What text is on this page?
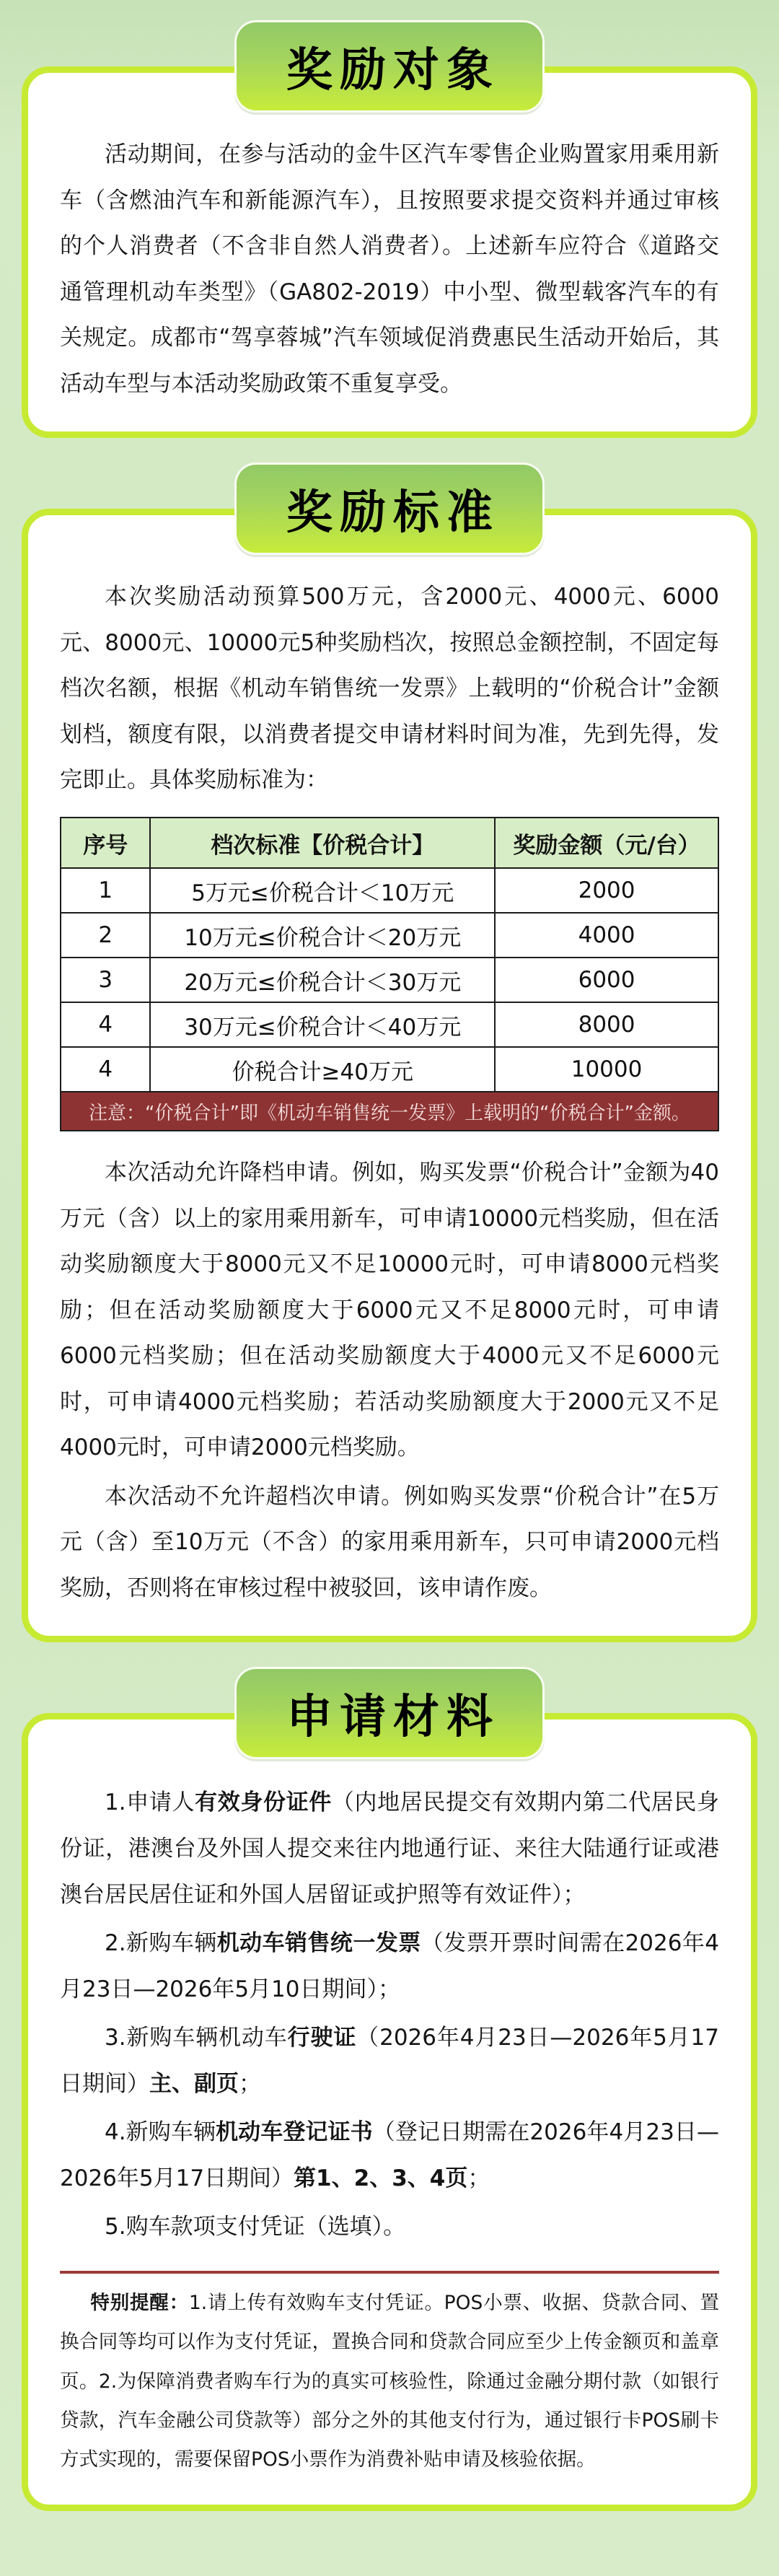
奖励对象

活动期间，在参与活动的金牛区汽车零售企业购置家用乘用新车（含燃油汽车和新能源汽车），且按照要求提交资料并通过审核的个人消费者（不含非自然人消费者）。上述新车应符合《道路交通管理机动车类型》（GA802-2019）中小型、微型载客汽车的有关规定。成都市“驾享蓉城”汽车领域促消费惠民生活动开始后，其活动车型与本活动奖励政策不重复享受。

奖励标准

本次奖励活动预算500万元，含2000元、4000元、6000元、8000元、10000元5种奖励档次，按照总金额控制，不固定每档次名额，根据《机动车销售统一发票》上载明的“价税合计”金额划档，额度有限，以消费者提交申请材料时间为准，先到先得，发完即止。具体奖励标准为：

序号	档次标准【价税合计】	奖励金额（元/台）
1	5万元≤价税合计＜10万元	2000
2	10万元≤价税合计＜20万元	4000
3	20万元≤价税合计＜30万元	6000
4	30万元≤价税合计＜40万元	8000
4	价税合计≥40万元	10000
注意：“价税合计”即《机动车销售统一发票》上载明的“价税合计”金额。		

本次活动允许降档申请。例如，购买发票“价税合计”金额为40万元（含）以上的家用乘用新车，可申请10000元档奖励，但在活动奖励额度大于8000元又不足10000元时，可申请8000元档奖励；但在活动奖励额度大于6000元又不足8000元时，可申请6000元档奖励；但在活动奖励额度大于4000元又不足6000元时，可申请4000元档奖励；若活动奖励额度大于2000元又不足4000元时，可申请2000元档奖励。

本次活动不允许超档次申请。例如购买发票“价税合计”在5万元（含）至10万元（不含）的家用乘用新车，只可申请2000元档奖励，否则将在审核过程中被驳回，该申请作废。

申请材料

1.申请人有效身份证件（内地居民提交有效期内第二代居民身份证，港澳台及外国人提交来往内地通行证、来往大陆通行证或港澳台居民居住证和外国人居留证或护照等有效证件）；

2.新购车辆机动车销售统一发票（发票开票时间需在2026年4月23日—2026年5月10日期间）；

3.新购车辆机动车行驶证（2026年4月23日—2026年5月17日期间）主、副页；

4.新购车辆机动车登记证书（登记日期需在2026年4月23日—2026年5月17日期间）第1、2、3、4页；

5.购车款项支付凭证（选填）。

特别提醒：1.请上传有效购车支付凭证。POS小票、收据、贷款合同、置换合同等均可以作为支付凭证，置换合同和贷款合同应至少上传金额页和盖章页。2.为保障消费者购车行为的真实可核验性，除通过金融分期付款（如银行贷款，汽车金融公司贷款等）部分之外的其他支付行为，通过银行卡POS刷卡方式实现的，需要保留POS小票作为消费补贴申请及核验依据。
